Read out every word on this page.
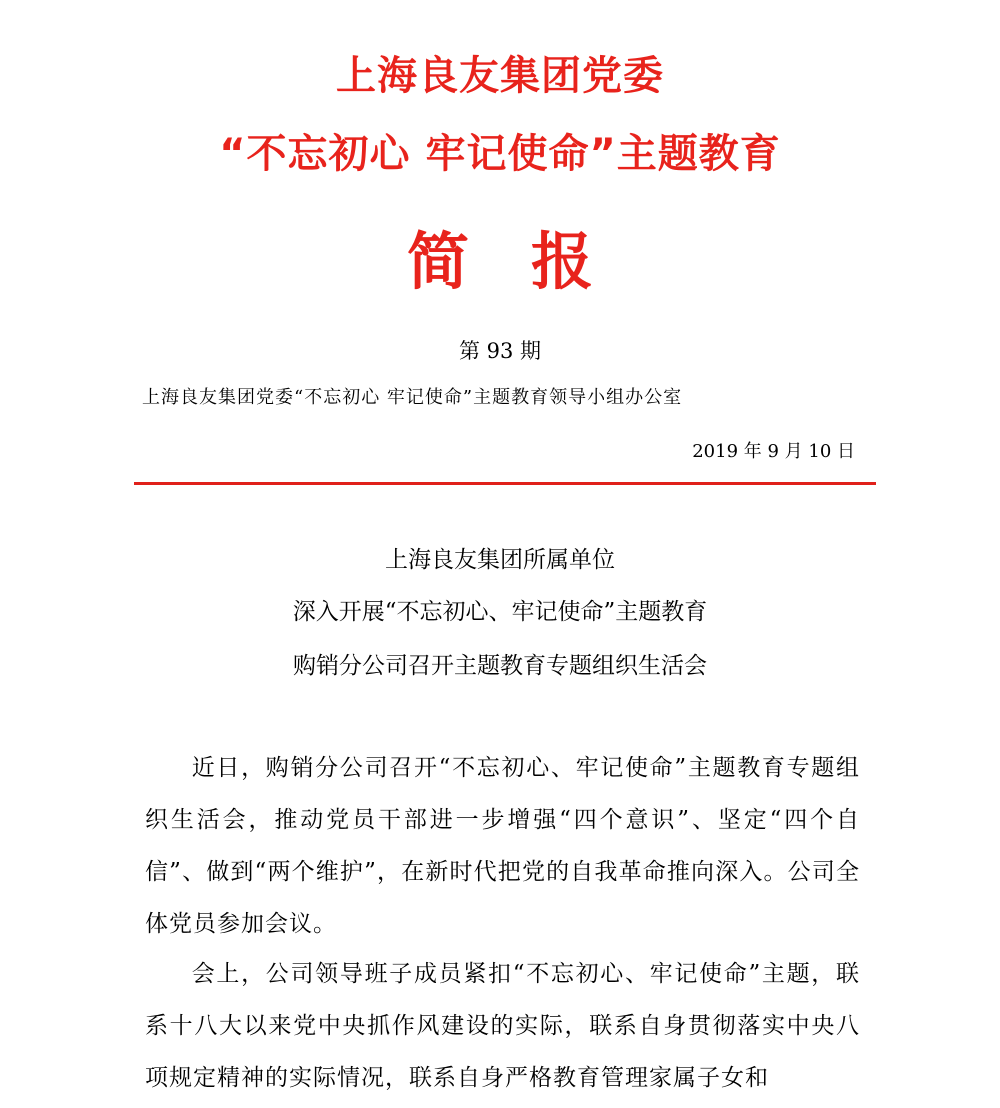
上海良友集团党委
“不忘初心 牢记使命”主题教育
简报
第 93 期
上海良友集团党委“不忘初心 牢记使命”主题教育领导小组办公室
2019 年 9 月 10 日
上海良友集团所属单位
深入开展“不忘初心、牢记使命”主题教育
购销分公司召开主题教育专题组织生活会

近日，购销分公司召开“不忘初心、牢记使命”主题教育专题组织生活会，推动党员干部进一步增强“四个意识”、坚定“四个自信”、做到“两个维护”，在新时代把党的自我革命推向深入。公司全体党员参加会议。

会上，公司领导班子成员紧扣“不忘初心、牢记使命”主题，联系十八大以来党中央抓作风建设的实际，联系自身贯彻落实中央八项规定精神的实际情况，联系自身严格教育管理家属子女和
